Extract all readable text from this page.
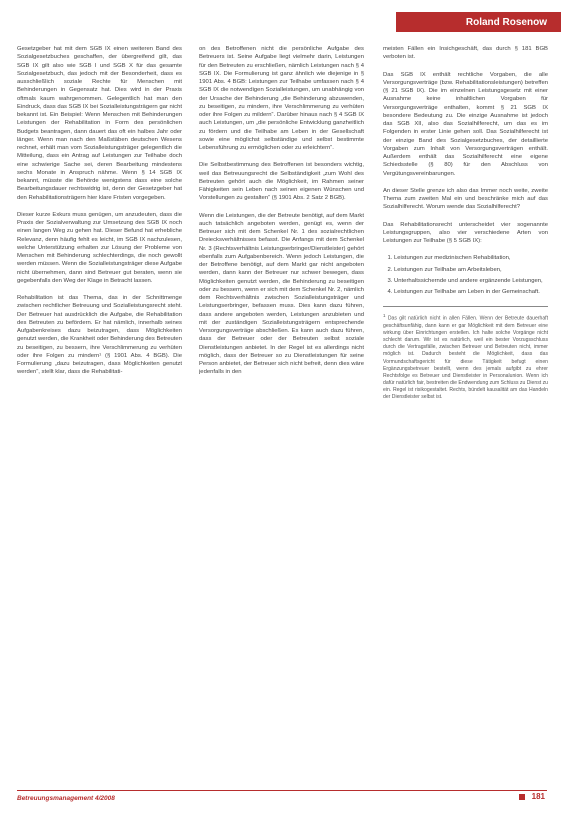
Roland Rosenow

Gesetzgeber hat mit dem SGB IX einen weiteren Band des Sozialgesetzbuches geschaffen, der übergreifend gilt, das SGB IX gilt also wie SGB I und SGB X für das gesamte Sozialgesetzbuch, das jedoch mit der Besonderheit, dass es ausschließlich soziale Rechte für Menschen mit Behinderungen in Gegensatz hat. Dies wird in der Praxis oftmals kaum wahrgenommen. Gelegentlich hat man den Eindruck, dass das SGB IX bei Sozialleistungsträgern gar nicht bekannt ist. Ein Beispiel: Wenn Menschen mit Behinderungen Leistungen der Rehabilitation in Form des persönlichen Budgets beantragen, dann dauert das oft ein halbes Jahr oder länger. Wenn man nach den Maßstäben deutschen Wesens rechnet, erhält man vom Sozialleistungsträger gelegentlich die Mitteilung, dass ein Antrag auf Leistungen zur Teilhabe doch eine schwierige Sache sei, deren Bearbeitung mindestens sechs Monate in Anspruch nähme. Wenn § 14 SGB IX bekannt, müsste die Behörde wenigstens dass eine solche Bearbeitungsdauer rechtswidrig ist, denn der Gesetzgeber hat den Rehabilitationsträgern hier klare Fristen vorgegeben.

Dieser kurze Exkurs muss genügen, um anzudeuten, dass die Praxis der Sozialverwaltung zur Umsetzung des SGB IX noch einen langen Weg zu gehen hat. Dieser Befund hat erhebliche Relevanz, denn häufig fehlt es leicht, im SGB IX nachzulesen, welche Unterstützung erhalten zur Lösung der Probleme von Menschen mit Behinderung schlechterdings, die noch gewollt werden müssen. Wenn die Sozialleistungsträger diese Aufgabe nicht übernehmen, dann sind Betreuer gut beraten, wenn sie gegebenfalls den Weg der Klage in Betracht lassen.

Rehabilitation ist das Thema, das in der Schnittmenge zwischen rechtlicher Betreuung und Sozialleistungsrecht steht. Der Betreuer hat ausdrücklich die Aufgabe, die Rehabilitation des Betreuten zu befördern. Er hat nämlich, innerhalb seines Aufgabenkreises dazu beizutragen, dass Möglichkeiten genutzt werden, die Krankheit oder Behinderung des Betreuten zu beseitigen, zu bessern, ihre Verschlimmerung zu verhüten oder ihre Folgen zu mindern¹ (§ 1901 Abs. 4 BGB). Die Formulierung „dazu beizutragen, dass Möglichkeiten genutzt werden“, stellt klar, dass die Rehabilitati-

on des Betroffenen nicht die persönliche Aufgabe des Betreuers ist. Seine Aufgabe liegt vielmehr darin, Leistungen für den Betreuten zu erschließen, nämlich Leistungen nach § 4 SGB IX. Die Formulierung ist ganz ähnlich wie diejenige in § 1901 Abs. 4 BGB: Leistungen zur Teilhabe umfassen nach § 4 SGB IX die notwendigen Sozialleistungen, um unabhängig von der Ursache der Behinderung „die Behinderung abzuwenden, zu beseitigen, zu mindern, ihre Verschlimmerung zu verhüten oder ihre Folgen zu mildern“. Darüber hinaus nach § 4 SGB IX auch Leistungen, um „die persönliche Entwicklung ganzheitlich zu fördern und die Teilhabe am Leben in der Gesellschaft sowie eine möglichst selbständige und selbst bestimmte Lebensführung zu ermöglichen oder zu erleichtern“.

Die Selbstbestimmung des Betroffenen ist besonders wichtig, weil das Betreuungsrecht die Selbständigkeit „zum Wohl des Betreuten gehört auch die Möglichkeit, im Rahmen seiner Fähigkeiten sein Leben nach seinen eigenen Wünschen und Vorstellungen zu gestalten“ (§ 1901 Abs. 2 Satz 2 BGB).

Wenn die Leistungen, die der Betreute benötigt, auf dem Markt auch tatsächlich angeboten werden, genügt es, wenn der Betreuer sich mit dem Schenkel Nr. 1 des sozialrechtlichen Dreiecksverhältnisses befasst. Die Anfangs mit dem Schenkel Nr. 3 (Rechtsverhältnis Leistungserbringer/Dienstleister) gehört ebenfalls zum Aufgabenbereich. Wenn jedoch Leistungen, die der Betroffene benötigt, auf dem Markt gar nicht angeboten werden, dann kann der Betreuer nur schwer bewegen, dass Möglichkeiten genutzt werden, die Behinderung zu beseitigen oder zu bessern, wenn er sich mit dem Schenkel Nr. 2, nämlich dem Rechtsverhältnis zwischen Sozialleistungsträger und Leistungserbringer, befassen muss. Dies kann dazu führen, dass andere angeboten werden, Leistungen anzubieten und mit der zuständigen Sozialleistungsträgern entsprechende Versorgungsverträge abschließen. Es kann auch dazu führen, dass der Betreuer oder der Betreuten selbst soziale Dienstleistungen anbietet. In der Regel ist es allerdings nicht möglich, dass der Betreuer so zu Dienstleistungen für seine Person anbietet, der Betreuer sich nicht befreit, denn dies wäre jedenfalls in den

meisten Fällen ein Insichgeschäft, das durch § 181 BGB verboten ist.

Das SGB IX enthält rechtliche Vorgaben, die alle Versorgungsverträge (bzw. Rehabilitationsleistungen) betreffen (§ 21 SGB IX). Die im einzelnen Leistungsgesetz mit einer Ausnahme keine inhaltlichen Vorgaben für Versorgungsverträge enthalten, kommt § 21 SGB IX besondere Bedeutung zu. Die einzige Ausnahme ist jedoch das SGB XII, also das Sozialhilferecht, um das es im Folgenden in erster Linie gehen soll. Das Sozialhilferecht ist der einzige Band des Sozialgesetzbuches, der detaillierte Vorgaben zum Inhalt von Versorgungsverträgen enthält. Außerdem enthält das Sozialhilferecht eine eigene Schiedsstelle (§ 80) für den Abschluss von Vergütungsvereinbarungen.

An dieser Stelle grenze ich also das Immer noch weite, zweite Thema zum zweiten Mal ein und beschränke mich auf das Sozialhilferecht. Worum wende das Sozialhilferecht?

Das Rehabilitationsrecht unterscheidet vier sogenannte Leistungsgruppen, also vier verschiedene Arten von Leistungen zur Teilhabe (§ 5 SGB IX):

1. Leistungen zur medizinischen Rehabilitation,
2. Leistungen zur Teilhabe am Arbeitsleben,
3. Unterhaltssichernde und andere ergänzende Leistungen,
4. Leistungen zur Teilhabe am Leben in der Gemeinschaft.
$^1$ Das gilt natürlich nicht in allen Fällen. Wenn der Betreute dauerhaft geschäftsunfähig, dann kann er gar Möglichkeit mit dem Betreuer eine wirkung über Einrichtungen erstellen. Ich halte solche Vorgänge nicht schlecht darum. Wir ist es natürlich, weil ein bester Vorzugsschluss durch die Vertragsfälle, zwischen Betreuer und Betreuten nicht, immer möglich ist. Dadurch besteht die Möglichkeit, dass das Vormundschaftsgericht für diese Tätigkeit befugt einen Ergänzungsbetreuer bestellt, wenn des jemals aufgibt zu ehrer Rechtsfolge es Betreuer und Dienstleister in Personalunion. Wenn ich dafür natürlich fair, bestreiten die Endwendung zum Schluss zu Dienst zu ein. Regel ist risikogestaltet. Rechts, bündelt kausalität am das Handeln der Dienstleister selbst ist.
Betreuungsmanagement 4/2008	181
